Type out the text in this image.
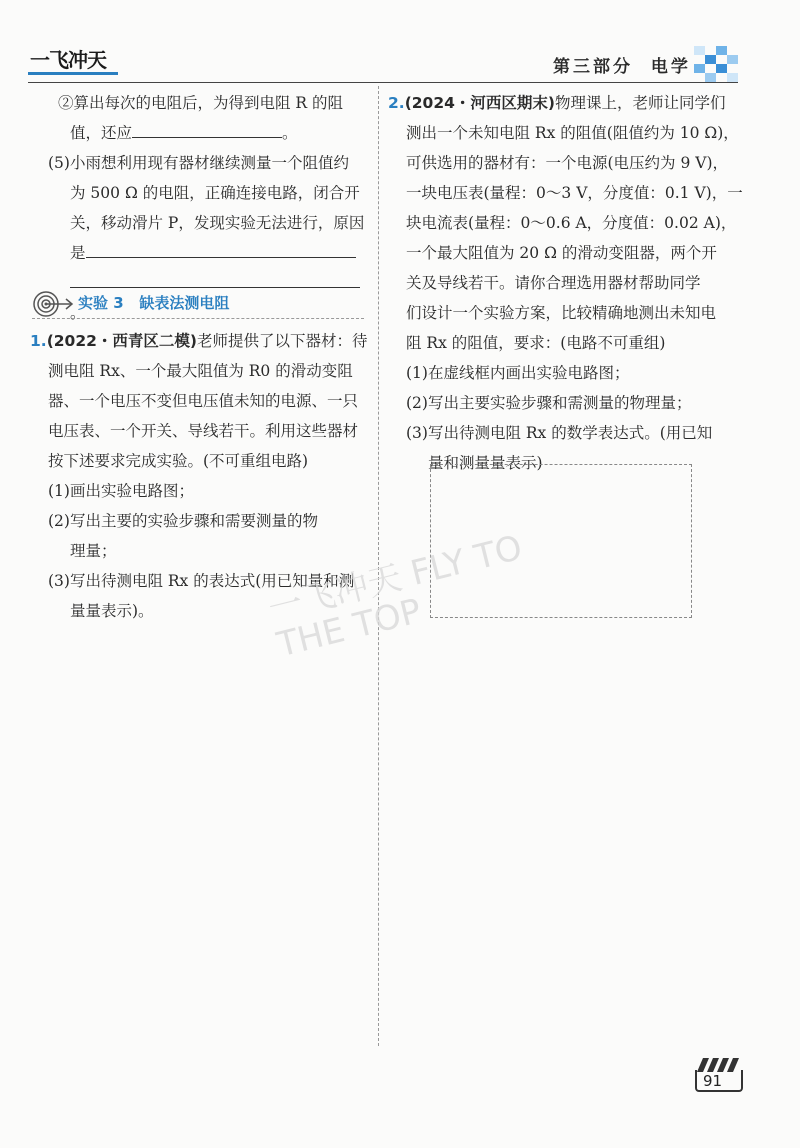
一飞冲天	第三部分  电学

②算出每次的电阻后，为得到电阻 R 的阻

值，还应	。

(5)小雨想利用现有器材继续测量一个阻值约

为 500 Ω 的电阻，正确连接电路，闭合开

关，移动滑片 P，发现实验无法进行，原因

是

。

实验 3   缺表法测电阻

1.(2022・西青区二模)老师提供了以下器材：待

测电阻 Rx、一个最大阻值为 R0 的滑动变阻

器、一个电压不变但电压值未知的电源、一只

电压表、一个开关、导线若干。利用这些器材

按下述要求完成实验。(不可重组电路)

(1)画出实验电路图；

(2)写出主要的实验步骤和需要测量的物

理量；

(3)写出待测电阻 Rx 的表达式(用已知量和测

量量表示)。

2.(2024・河西区期末)物理课上，老师让同学们

测出一个未知电阻 Rx 的阻值(阻值约为 10 Ω)，

可供选用的器材有：一个电源(电压约为 9 V)，

一块电压表(量程：0～3 V，分度值：0.1 V)，一

块电流表(量程：0～0.6 A，分度值：0.02 A)，

一个最大阻值为 20 Ω 的滑动变阻器，两个开

关及导线若干。请你合理选用器材帮助同学

们设计一个实验方案，比较精确地测出未知电

阻 Rx 的阻值，要求：(电路不可重组)

(1)在虚线框内画出实验电路图；

(2)写出主要实验步骤和需测量的物理量；

(3)写出待测电阻 Rx 的数学表达式。(用已知

量和测量量表示)

一飞冲天 FLY TO THE TOP
91
